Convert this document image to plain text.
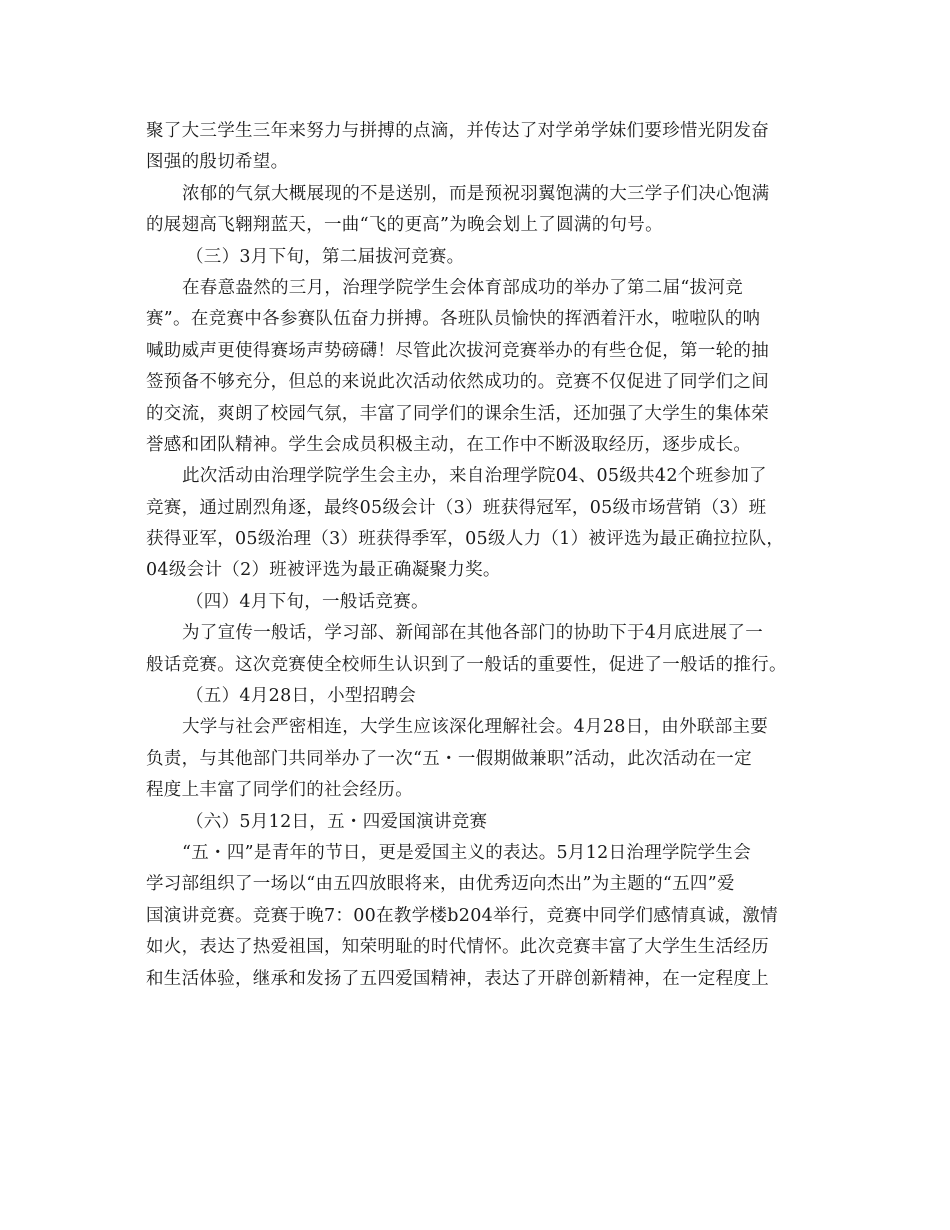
聚了大三学生三年来努力与拼搏的点滴，并传达了对学弟学妹们要珍惜光阴发奋
图强的殷切希望。
浓郁的气氛大概展现的不是送别，而是预祝羽翼饱满的大三学子们决心饱满
的展翅高飞翱翔蓝天，一曲“飞的更高”为晚会划上了圆满的句号。
（三）3月下旬，第二届拔河竞赛。
在春意盎然的三月，治理学院学生会体育部成功的举办了第二届“拔河竞
赛”。在竞赛中各参赛队伍奋力拼搏。各班队员愉快的挥洒着汗水，啦啦队的呐
喊助威声更使得赛场声势磅礴！尽管此次拔河竞赛举办的有些仓促，第一轮的抽
签预备不够充分，但总的来说此次活动依然成功的。竞赛不仅促进了同学们之间
的交流，爽朗了校园气氛，丰富了同学们的课余生活，还加强了大学生的集体荣
誉感和团队精神。学生会成员积极主动，在工作中不断汲取经历，逐步成长。
此次活动由治理学院学生会主办，来自治理学院04、05级共42个班参加了
竞赛，通过剧烈角逐，最终05级会计（3）班获得冠军，05级市场营销（3）班
获得亚军，05级治理（3）班获得季军，05级人力（1）被评选为最正确拉拉队，
04级会计（2）班被评选为最正确凝聚力奖。
（四）4月下旬，一般话竞赛。
为了宣传一般话，学习部、新闻部在其他各部门的协助下于4月底进展了一
般话竞赛。这次竞赛使全校师生认识到了一般话的重要性，促进了一般话的推行。
（五）4月28日，小型招聘会
大学与社会严密相连，大学生应该深化理解社会。4月28日，由外联部主要
负责，与其他部门共同举办了一次“五・一假期做兼职”活动，此次活动在一定
程度上丰富了同学们的社会经历。
（六）5月12日，五・四爱国演讲竞赛
“五・四”是青年的节日，更是爱国主义的表达。5月12日治理学院学生会
学习部组织了一场以“由五四放眼将来，由优秀迈向杰出”为主题的“五四”爱
国演讲竞赛。竞赛于晚7：00在教学楼b204举行，竞赛中同学们感情真诚，激情
如火，表达了热爱祖国，知荣明耻的时代情怀。此次竞赛丰富了大学生生活经历
和生活体验，继承和发扬了五四爱国精神，表达了开辟创新精神，在一定程度上
